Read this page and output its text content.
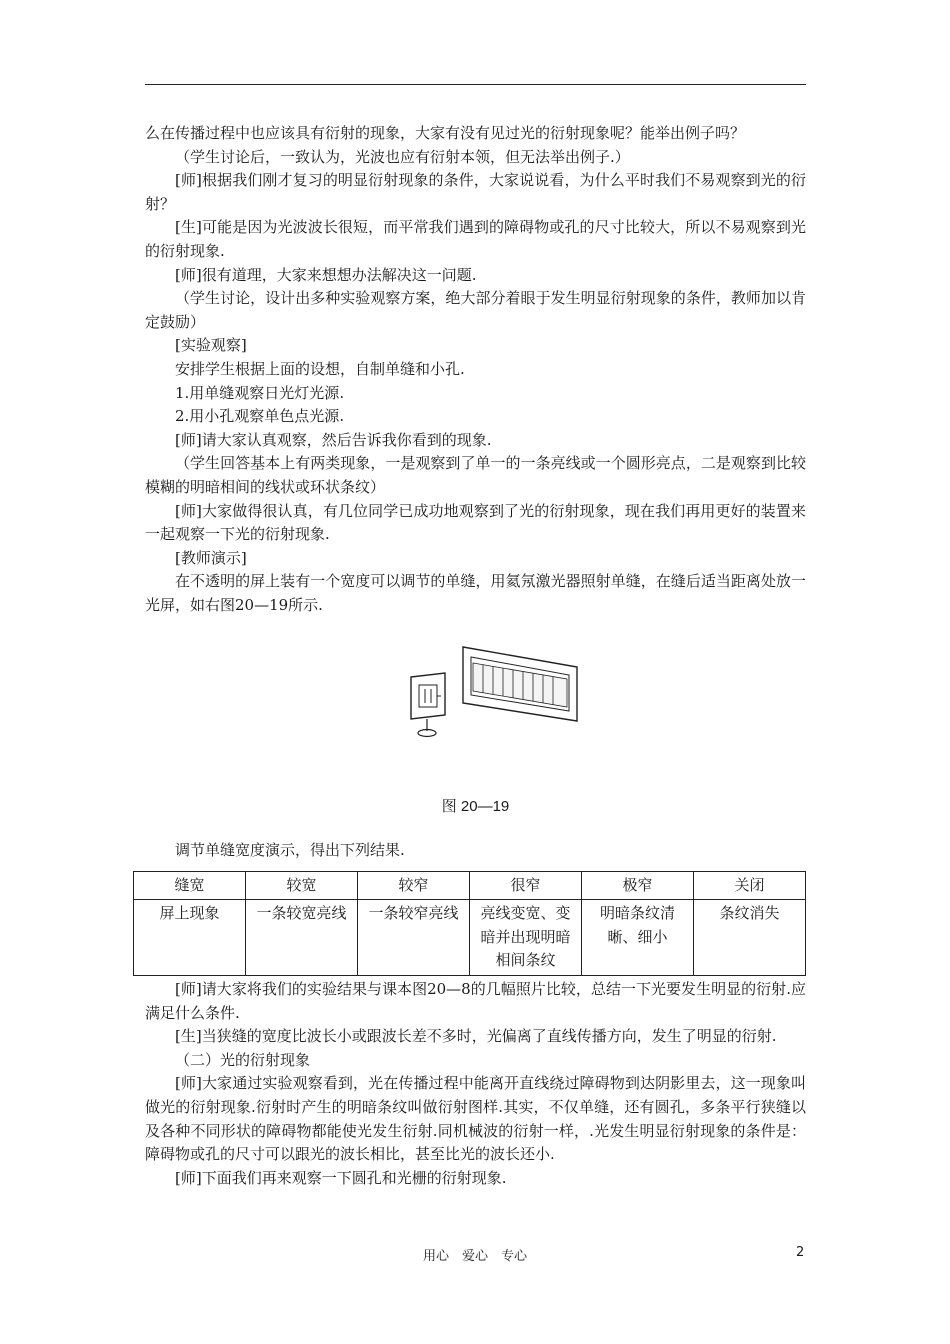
么在传播过程中也应该具有衍射的现象，大家有没有见过光的衍射现象呢？能举出例子吗？

（学生讨论后，一致认为，光波也应有衍射本领，但无法举出例子.）

[师]根据我们刚才复习的明显衍射现象的条件，大家说说看，为什么平时我们不易观察到光的衍射？

[生]可能是因为光波波长很短，而平常我们遇到的障碍物或孔的尺寸比较大，所以不易观察到光的衍射现象.

[师]很有道理，大家来想想办法解决这一问题.

（学生讨论，设计出多种实验观察方案，绝大部分着眼于发生明显衍射现象的条件，教师加以肯定鼓励）

[实验观察]

安排学生根据上面的设想，自制单缝和小孔.

1.用单缝观察日光灯光源.

2.用小孔观察单色点光源.

[师]请大家认真观察，然后告诉我你看到的现象.

（学生回答基本上有两类现象，一是观察到了单一的一条亮线或一个圆形亮点，二是观察到比较模糊的明暗相间的线状或环状条纹）

[师]大家做得很认真，有几位同学已成功地观察到了光的衍射现象，现在我们再用更好的装置来一起观察一下光的衍射现象.

[教师演示]

在不透明的屏上装有一个宽度可以调节的单缝，用氦氖激光器照射单缝，在缝后适当距离处放一光屏，如右图20—19所示.

图 20—19

调节单缝宽度演示，得出下列结果.

缝宽	较宽	较窄	很窄	极窄	关闭
屏上现象	一条较宽亮线	一条较窄亮线	亮线变宽、变暗并出现明暗相间条纹	明暗条纹清晰、细小	条纹消失

[师]请大家将我们的实验结果与课本图20—8的几幅照片比较，总结一下光要发生明显的衍射.应满足什么条件.

[生]当狭缝的宽度比波长小或跟波长差不多时，光偏离了直线传播方向，发生了明显的衍射.

（二）光的衍射现象

[师]大家通过实验观察看到，光在传播过程中能离开直线绕过障碍物到达阴影里去，这一现象叫做光的衍射现象.衍射时产生的明暗条纹叫做衍射图样.其实，不仅单缝，还有圆孔，多条平行狭缝以及各种不同形状的障碍物都能使光发生衍射.同机械波的衍射一样，.光发生明显衍射现象的条件是：障碍物或孔的尺寸可以跟光的波长相比，甚至比光的波长还小.

[师]下面我们再来观察一下圆孔和光栅的衍射现象.

用心　爱心　专心	2
